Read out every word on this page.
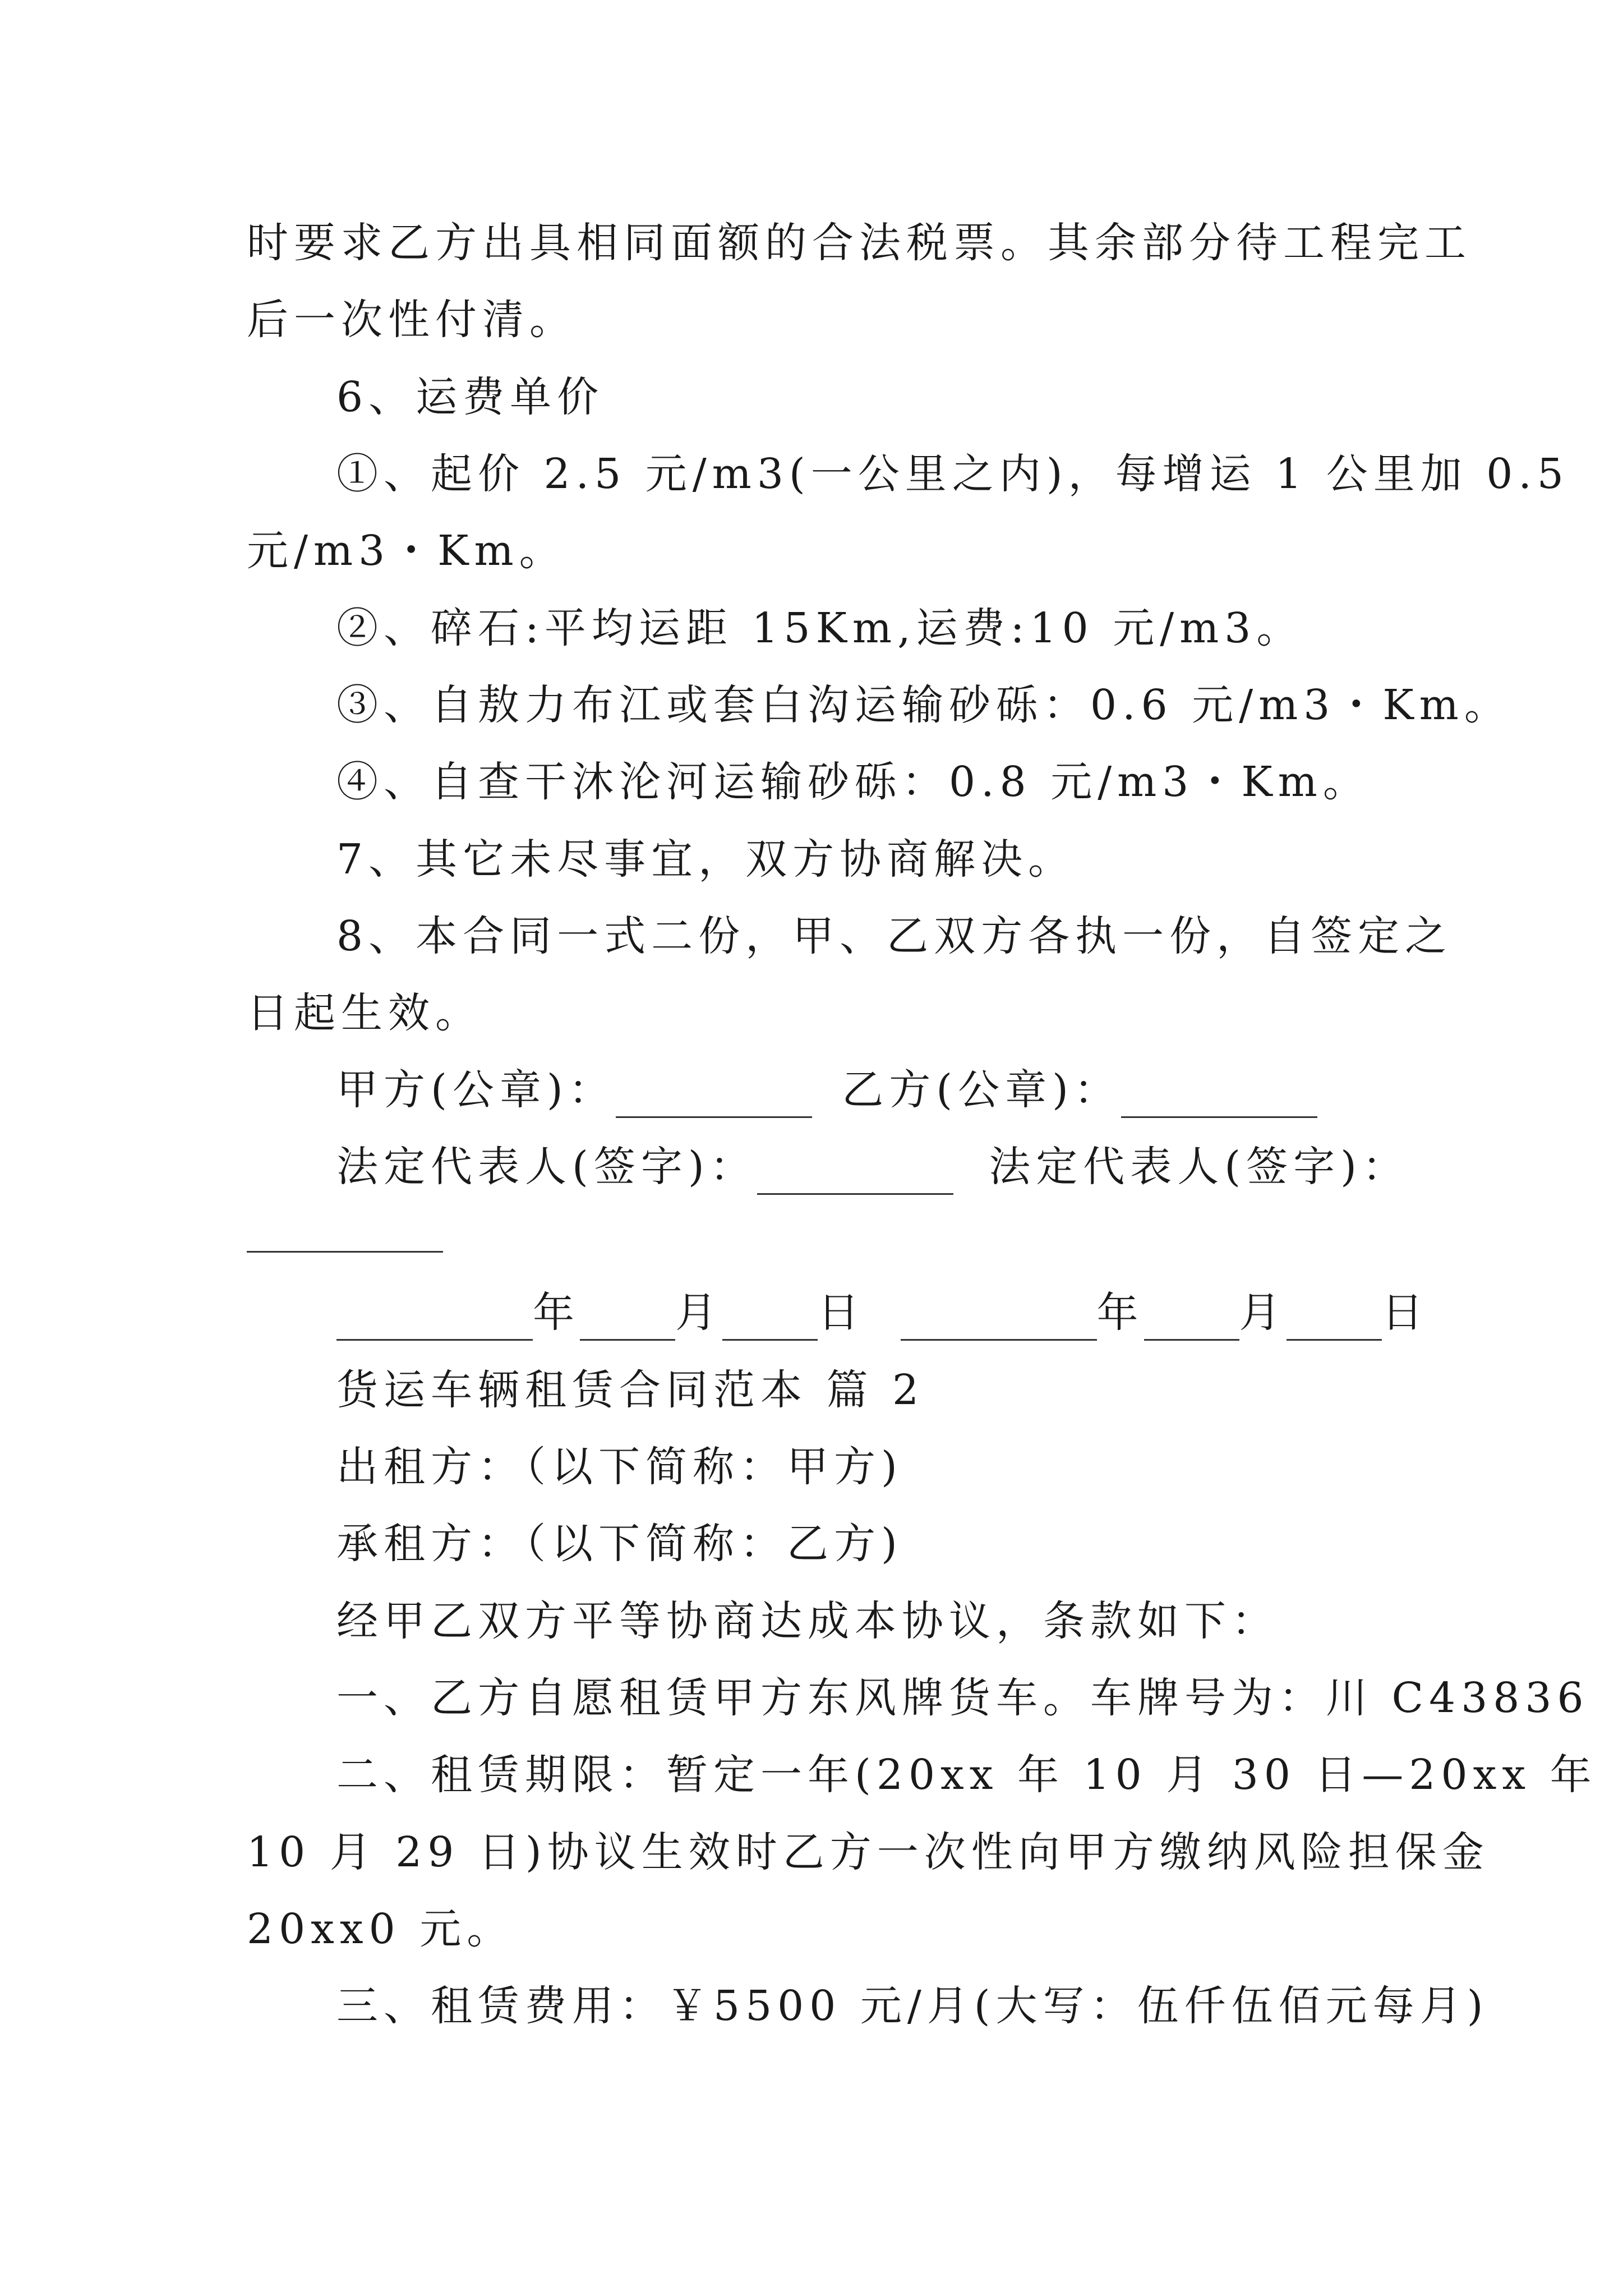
时要求乙方出具相同面额的合法税票。其余部分待工程完工
后一次性付清。
6、运费单价
①、起价 2.5 元/m3(一公里之内)，每增运 1 公里加 0.5
元/m3・Km。
②、碎石:平均运距 15Km,运费:10 元/m3。
③、自敖力布江或套白沟运输砂砾：0.6 元/m3・Km。
④、自查干沐沦河运输砂砾：0.8 元/m3・Km。
7、其它未尽事宜，双方协商解决。
8、本合同一式二份，甲、乙双方各执一份，自签定之
日起生效。
甲方(公章)：	乙方(公章)：
法定代表人(签字)：	法定代表人(签字)：
年 月 日	年 月 日
货运车辆租赁合同范本 篇 2
出租方：（以下简称：甲方)
承租方：（以下简称：乙方)
经甲乙双方平等协商达成本协议，条款如下：
一、乙方自愿租赁甲方东风牌货车。车牌号为：川 C43836
二、租赁期限：暂定一年(20xx 年 10 月 30 日—20xx 年
10 月 29 日)协议生效时乙方一次性向甲方缴纳风险担保金
20xx0 元。
三、租赁费用：￥5500 元/月(大写：伍仟伍佰元每月)
